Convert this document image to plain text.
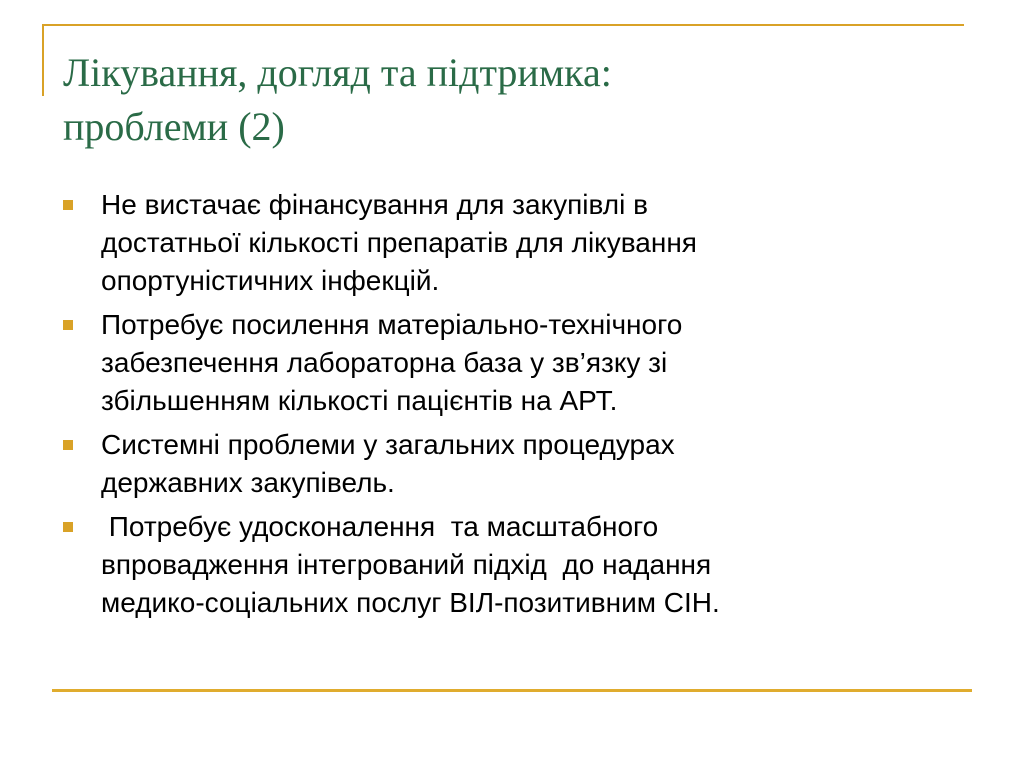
Лікування, догляд та підтримка:
проблеми (2)
Не вистачає фінансування для закупівлі в
достатньої кількості препаратів для лікування
опортуністичних інфекцій.
Потребує посилення матеріально-технічного
забезпечення лабораторна база у зв’язку зі
збільшенням кількості пацієнтів на АРТ.
Системні проблеми у загальних процедурах
державних закупівель.
Потребує удосконалення  та масштабного
впровадження інтегрований підхід  до надання
медико-соціальних послуг ВІЛ-позитивним СІН.
